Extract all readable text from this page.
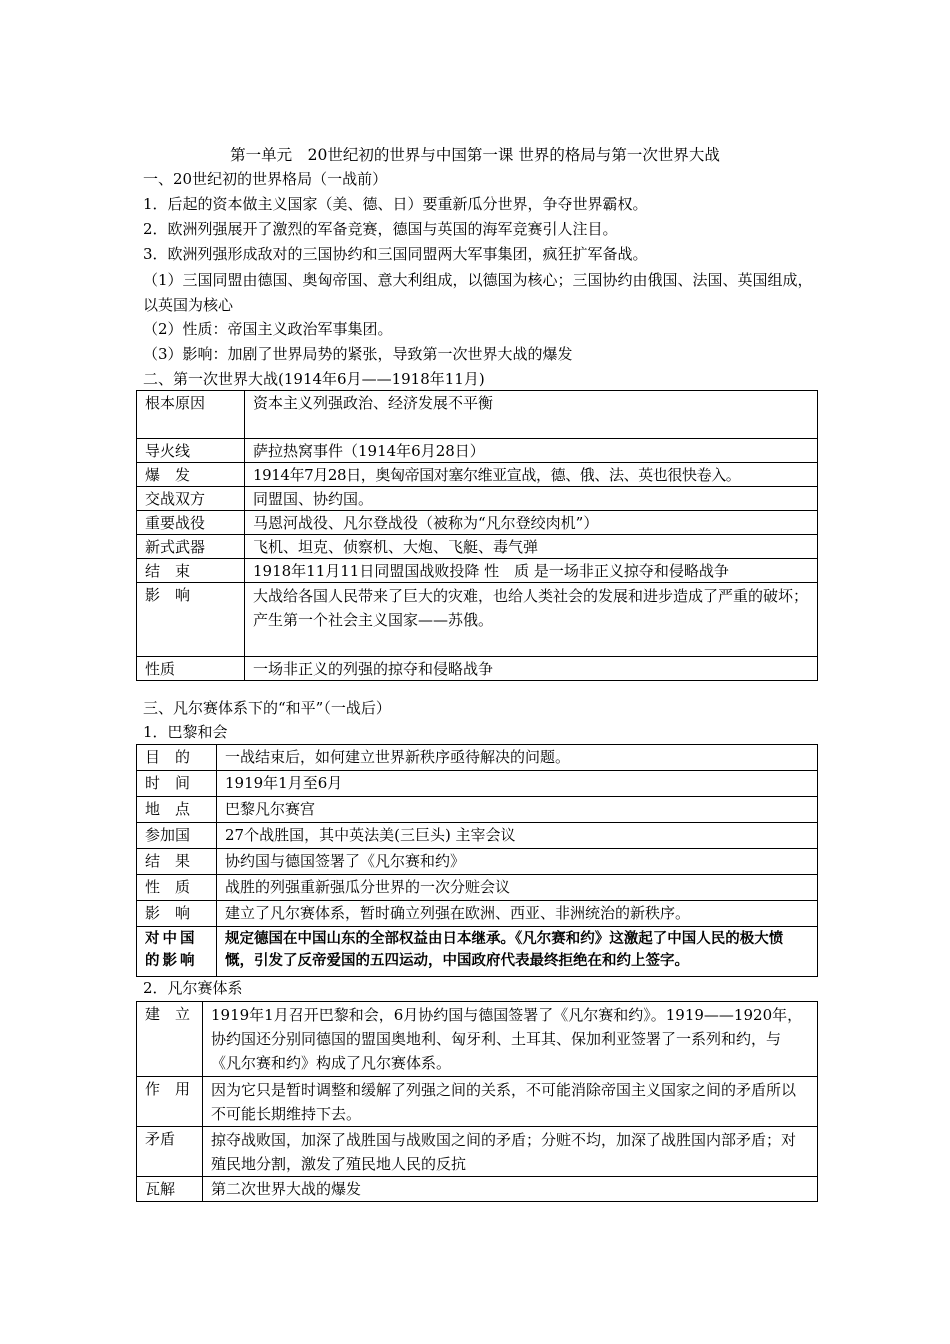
第一单元　20世纪初的世界与中国第一课 世界的格局与第一次世界大战
一、20世纪初的世界格局（一战前）
1．后起的资本做主义国家（美、德、日）要重新瓜分世界，争夺世界霸权。
2．欧洲列强展开了激烈的军备竞赛，德国与英国的海军竞赛引人注目。
3．欧洲列强形成敌对的三国协约和三国同盟两大军事集团，疯狂扩军备战。
（1）三国同盟由德国、奥匈帝国、意大利组成，以德国为核心；三国协约由俄国、法国、英国组成，以英国为核心
（2）性质：帝国主义政治军事集团。
（3）影响：加剧了世界局势的紧张，导致第一次世界大战的爆发
二、第一次世界大战(1914年6月——1918年11月)
根本原因	资本主义列强政治、经济发展不平衡
导火线	萨拉热窝事件（1914年6月28日）
爆　发	1914年7月28日，奥匈帝国对塞尔维亚宣战，德、俄、法、英也很快卷入。
交战双方	同盟国、协约国。
重要战役	马恩河战役、凡尔登战役（被称为“凡尔登绞肉机”）
新式武器	飞机、坦克、侦察机、大炮、飞艇、毒气弹
结　束	1918年11月11日同盟国战败投降 性　质 是一场非正义掠夺和侵略战争
影　响	大战给各国人民带来了巨大的灾难，也给人类社会的发展和进步造成了严重的破坏；产生第一个社会主义国家——苏俄。
性质	一场非正义的列强的掠夺和侵略战争
三、凡尔赛体系下的“和平”（一战后）
1．巴黎和会
目　的	一战结束后，如何建立世界新秩序亟待解决的问题。
时　间	1919年1月至6月
地　点	巴黎凡尔赛宫
参加国	27个战胜国，其中英法美(三巨头) 主宰会议
结　果	协约国与德国签署了《凡尔赛和约》
性　质	战胜的列强重新强瓜分世界的一次分赃会议
影　响	建立了凡尔赛体系，暂时确立列强在欧洲、西亚、非洲统治的新秩序。
对中国的影响	规定德国在中国山东的全部权益由日本继承。《凡尔赛和约》这激起了中国人民的极大愤慨，引发了反帝爱国的五四运动，中国政府代表最终拒绝在和约上签字。
2．凡尔赛体系
建　立	1919年1月召开巴黎和会，6月协约国与德国签署了《凡尔赛和约》。1919——1920年，协约国还分别同德国的盟国奥地利、匈牙利、土耳其、保加利亚签署了一系列和约，与《凡尔赛和约》构成了凡尔赛体系。
作　用	因为它只是暂时调整和缓解了列强之间的关系，不可能消除帝国主义国家之间的矛盾所以不可能长期维持下去。
矛盾	掠夺战败国，加深了战胜国与战败国之间的矛盾；分赃不均，加深了战胜国内部矛盾；对殖民地分割，激发了殖民地人民的反抗
瓦解	第二次世界大战的爆发
